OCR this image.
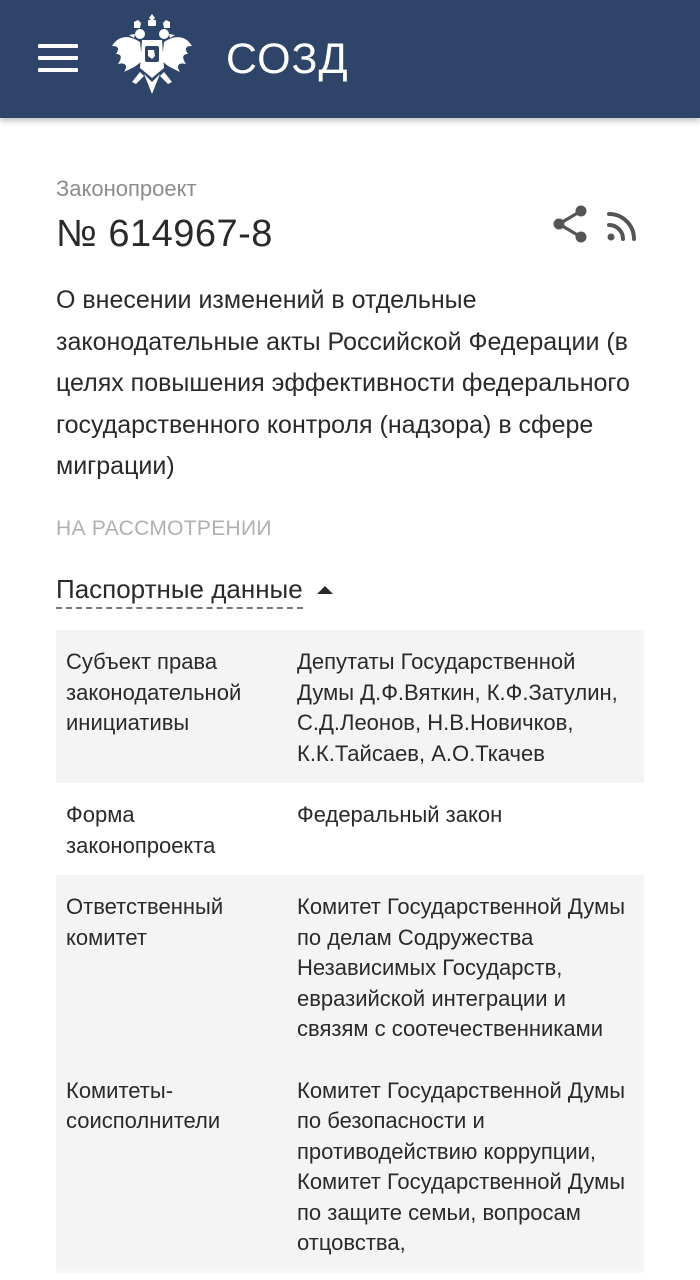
СОЗД
Законопроект
№ 614967-8
О внесении изменений в отдельные законодательные акты Российской Федерации (в целях повышения эффективности федерального государственного контроля (надзора) в сфере миграции)
НА РАССМОТРЕНИИ
Паспортные данные
Субъект права законодательной инициативы	Депутаты Государственной Думы Д.Ф.Вяткин, К.Ф.Затулин, С.Д.Леонов, Н.В.Новичков, К.К.Тайсаев, А.О.Ткачев
Форма законопроекта	Федеральный закон
Ответственный комитет	Комитет Государственной Думы по делам Содружества Независимых Государств, евразийской интеграции и связям с соотечественниками
Комитеты-соисполнители	Комитет Государственной Думы по безопасности и противодействию коррупции, Комитет Государственной Думы по защите семьи, вопросам отцовства,
